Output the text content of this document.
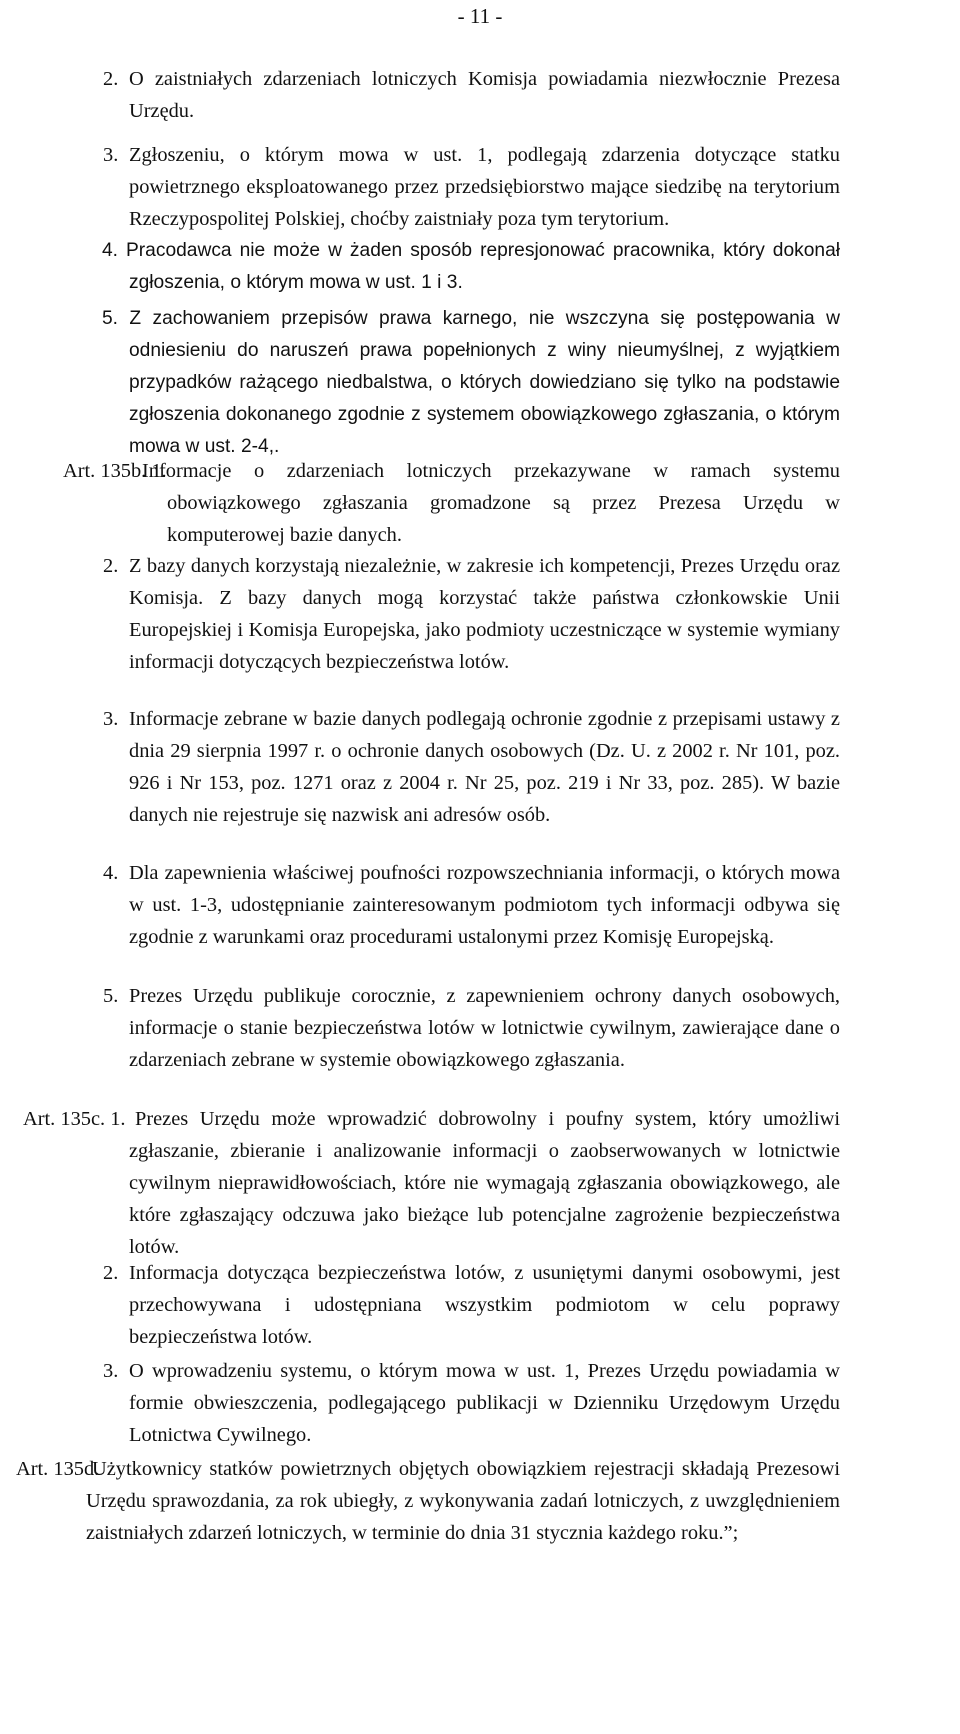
- 11 -
2. O zaistniałych zdarzeniach lotniczych Komisja powiadamia niezwłocznie Prezesa Urzędu.
3. Zgłoszeniu, o którym mowa w ust. 1, podlegają zdarzenia dotyczące statku powietrznego eksploatowanego przez przedsiębiorstwo mające siedzibę na terytorium Rzeczypospolitej Polskiej, choćby zaistniały poza tym terytorium.
4. Pracodawca nie może w żaden sposób represjonować pracownika, który dokonał zgłoszenia, o którym mowa w ust. 1 i 3.
5. Z zachowaniem przepisów prawa karnego, nie wszczyna się postępowania w odniesieniu do naruszeń prawa popełnionych z winy nieumyślnej, z wyjątkiem przypadków rażącego niedbalstwa, o których dowiedziano się tylko na podstawie zgłoszenia dokonanego zgodnie z systemem obowiązkowego zgłaszania, o którym mowa w ust. 2-4,.
Art. 135b. 1.
Informacje o zdarzeniach lotniczych przekazywane w ramach systemu obowiązkowego zgłaszania gromadzone są przez Prezesa Urzędu w komputerowej bazie danych.
2. Z bazy danych korzystają niezależnie, w zakresie ich kompetencji, Prezes Urzędu oraz Komisja. Z bazy danych mogą korzystać także państwa członkowskie Unii Europejskiej i Komisja Europejska, jako podmioty uczestniczące w systemie wymiany informacji dotyczących bezpieczeństwa lotów.
3. Informacje zebrane w bazie danych podlegają ochronie zgodnie z przepisami ustawy z dnia 29 sierpnia 1997 r. o ochronie danych osobowych (Dz. U. z 2002 r. Nr 101, poz. 926 i Nr 153, poz. 1271 oraz z 2004 r. Nr 25, poz. 219 i Nr 33, poz. 285). W bazie danych nie rejestruje się nazwisk ani adresów osób.
4. Dla zapewnienia właściwej poufności rozpowszechniania informacji, o których mowa w ust. 1-3, udostępnianie zainteresowanym podmiotom tych informacji odbywa się zgodnie z warunkami oraz procedurami ustalonymi przez Komisję Europejską.
5. Prezes Urzędu publikuje corocznie, z zapewnieniem ochrony danych osobowych, informacje o stanie bezpieczeństwa lotów w lotnictwie cywilnym, zawierające dane o zdarzeniach zebrane w systemie obowiązkowego zgłaszania.
Art. 135c. 1. Prezes Urzędu może wprowadzić dobrowolny i poufny system, który umożliwi zgłaszanie, zbieranie i analizowanie informacji o zaobserwowanych w lotnictwie cywilnym nieprawidłowościach, które nie wymagają zgłaszania obowiązkowego, ale które zgłaszający odczuwa jako bieżące lub potencjalne zagrożenie bezpieczeństwa lotów.
2. Informacja dotycząca bezpieczeństwa lotów, z usuniętymi danymi osobowymi, jest przechowywana i udostępniana wszystkim podmiotom w celu poprawy bezpieczeństwa lotów.
3. O wprowadzeniu systemu, o którym mowa w ust. 1, Prezes Urzędu powiadamia w formie obwieszczenia, podlegającego publikacji w Dzienniku Urzędowym Urzędu Lotnictwa Cywilnego.
Art. 135d.
Użytkownicy statków powietrznych objętych obowiązkiem rejestracji składają Prezesowi Urzędu sprawozdania, za rok ubiegły, z wykonywania zadań lotniczych, z uwzględnieniem zaistniałych zdarzeń lotniczych, w terminie do dnia 31 stycznia każdego roku.”;
